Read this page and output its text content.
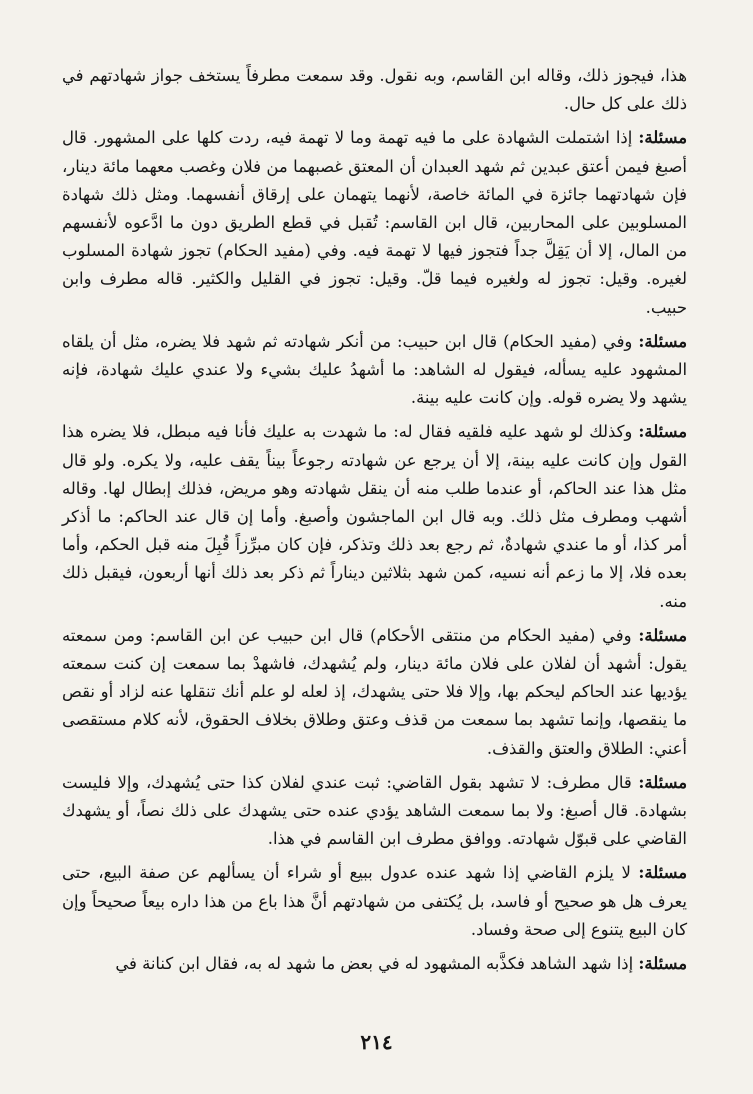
هذا، فيجوز ذلك، وقاله ابن القاسم، وبه نقول. وقد سمعت مطرفاً يستخف جواز شهادتهم في ذلك على كل حال.

مسئلة: إذا اشتملت الشهادة على ما فيه تهمة وما لا تهمة فيه، ردت كلها على المشهور. قال أصبغ فيمن أعتق عبدين ثم شهد العبدان أن المعتق غصبهما من فلان وغصب معهما مائة دينار، فإن شهادتهما جائزة في المائة خاصة، لأنهما يتهمان على إرقاق أنفسهما. ومثل ذلك شهادة المسلوبين على المحاربين، قال ابن القاسم: تُقبل في قطع الطريق دون ما ادَّعوه لأنفسهم من المال، إلا أن يَقِلَّ جداً فتجوز فيها لا تهمة فيه. وفي (مفيد الحكام) تجوز شهادة المسلوب لغيره. وقيل: تجوز له ولغيره فيما قلّ. وقيل: تجوز في القليل والكثير. قاله مطرف وابن حبيب.

مسئلة: وفي (مفيد الحكام) قال ابن حبيب: من أنكر شهادته ثم شهد فلا يضره، مثل أن يلقاه المشهود عليه يسأله، فيقول له الشاهد: ما أشهدُ عليك بشيء ولا عندي عليك شهادة، فإنه يشهد ولا يضره قوله. وإن كانت عليه بينة.

مسئلة: وكذلك لو شهد عليه فلقيه فقال له: ما شهدت به عليك فأنا فيه مبطل، فلا يضره هذا القول وإن كانت عليه بينة، إلا أن يرجع عن شهادته رجوعاً بيناً يقف عليه، ولا يكره. ولو قال مثل هذا عند الحاكم، أو عندما طلب منه أن ينقل شهادته وهو مريض، فذلك إبطال لها. وقاله أشهب ومطرف مثل ذلك. وبه قال ابن الماجشون وأصبغ. وأما إن قال عند الحاكم: ما أذكر أمر كذا، أو ما عندي شهادةٌ، ثم رجع بعد ذلك وتذكر، فإن كان مبرِّزاً قُبِلَ منه قبل الحكم، وأما بعده فلا، إلا ما زعم أنه نسيه، كمن شهد بثلاثين ديناراً ثم ذكر بعد ذلك أنها أربعون، فيقبل ذلك منه.

مسئلة: وفي (مفيد الحكام من منتقى الأحكام) قال ابن حبيب عن ابن القاسم: ومن سمعته يقول: أشهد أن لفلان على فلان مائة دينار، ولم يُشهدك، فاشهدْ بما سمعت إن كنت سمعته يؤديها عند الحاكم ليحكم بها، وإلا فلا حتى يشهدك، إذ لعله لو علم أنك تنقلها عنه لزاد أو نقص ما ينقصها، وإنما تشهد بما سمعت من قذف وعتق وطلاق بخلاف الحقوق، لأنه كلام مستقصى أعني: الطلاق والعتق والقذف.

مسئلة: قال مطرف: لا تشهد بقول القاضي: ثبت عندي لفلان كذا حتى يُشهدك، وإلا فليست بشهادة. قال أصبغ: ولا بما سمعت الشاهد يؤدي عنده حتى يشهدك على ذلك نصاً، أو يشهدك القاضي على قبوّل شهادته. ووافق مطرف ابن القاسم في هذا.

مسئلة: لا يلزم القاضي إذا شهد عنده عدول ببيع أو شراء أن يسألهم عن صفة البيع، حتى يعرف هل هو صحيح أو فاسد، بل يُكتفى من شهادتهم أنَّ هذا باع من هذا داره بيعاً صحيحاً وإن كان البيع يتنوع إلى صحة وفساد.

مسئلة: إذا شهد الشاهد فكذَّبه المشهود له في بعض ما شهد له به، فقال ابن كنانة في

٢١٤
